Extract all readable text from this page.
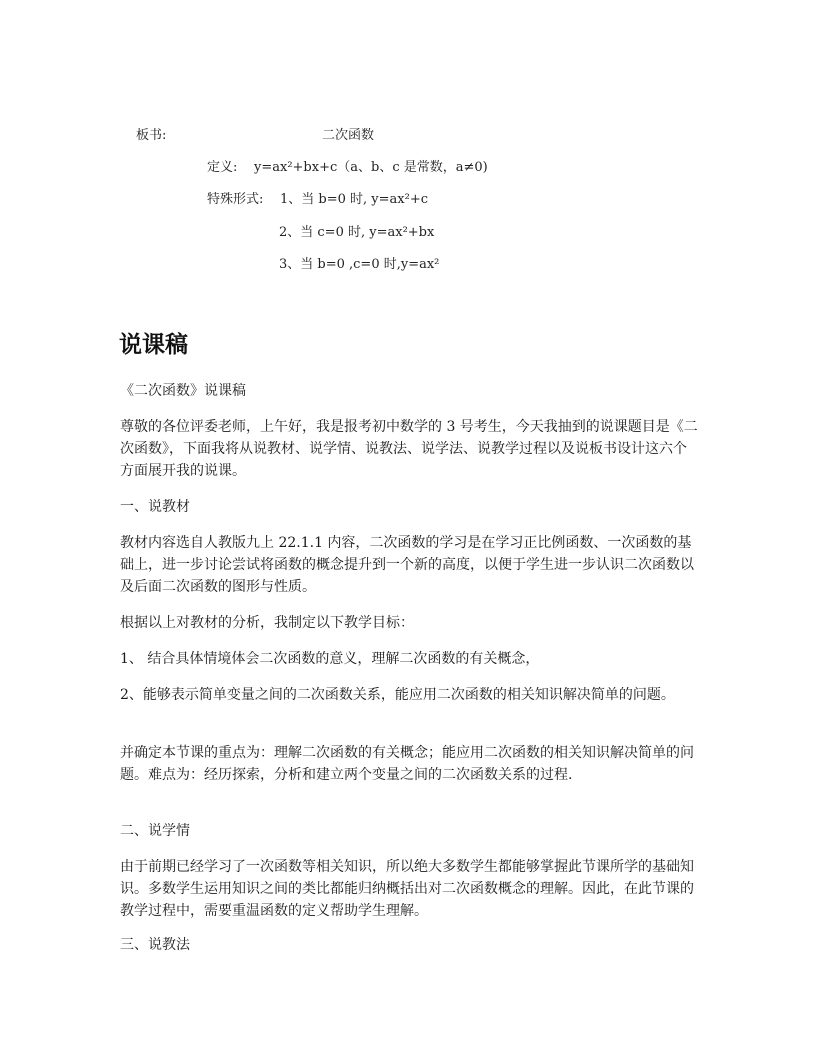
板书:	二次函数
定义: y=ax²+bx+c（a、b、c 是常数，a≠0)
特殊形式: 1、当 b=0 时, y=ax²+c
2、当 c=0 时, y=ax²+bx
3、当 b=0 ,c=0 时,y=ax²
说课稿
《二次函数》说课稿
尊敬的各位评委老师，上午好，我是报考初中数学的 3 号考生，今天我抽到的说课题目是《二次函数》，下面我将从说教材、说学情、说教法、说学法、说教学过程以及说板书设计这六个方面展开我的说课。
一、说教材
教材内容选自人教版九上 22.1.1 内容，二次函数的学习是在学习正比例函数、一次函数的基础上，进一步讨论尝试将函数的概念提升到一个新的高度，以便于学生进一步认识二次函数以及后面二次函数的图形与性质。
根据以上对教材的分析，我制定以下教学目标：
1、 结合具体情境体会二次函数的意义，理解二次函数的有关概念，
2、能够表示简单变量之间的二次函数关系，能应用二次函数的相关知识解决简单的问题。
并确定本节课的重点为：理解二次函数的有关概念；能应用二次函数的相关知识解决简单的问题。难点为：经历探索，分析和建立两个变量之间的二次函数关系的过程.
二、说学情
由于前期已经学习了一次函数等相关知识，所以绝大多数学生都能够掌握此节课所学的基础知识。多数学生运用知识之间的类比都能归纳概括出对二次函数概念的理解。因此，在此节课的教学过程中，需要重温函数的定义帮助学生理解。
三、说教法
